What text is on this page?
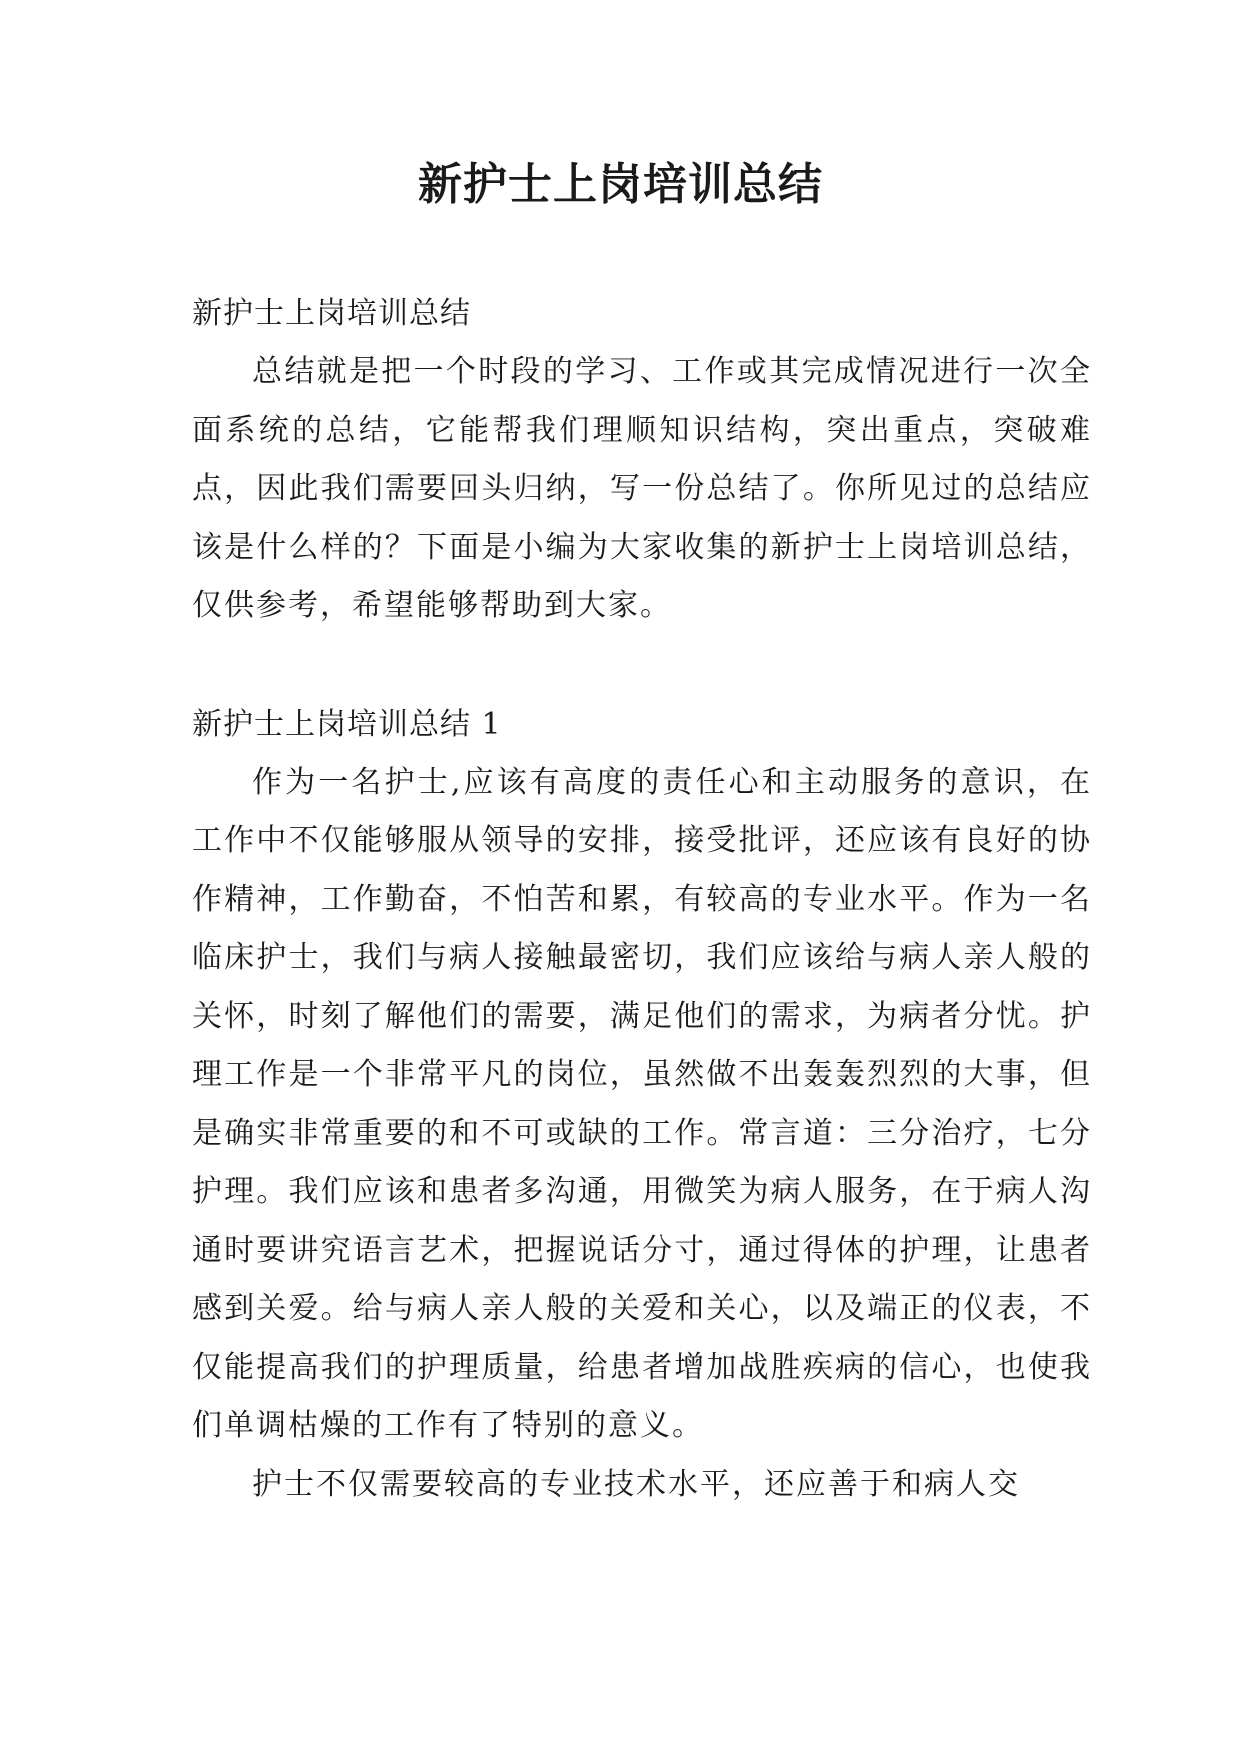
新护士上岗培训总结

新护士上岗培训总结

总结就是把一个时段的学习、工作或其完成情况进行一次全面系统的总结，它能帮我们理顺知识结构，突出重点，突破难点，因此我们需要回头归纳，写一份总结了。你所见过的总结应该是什么样的？下面是小编为大家收集的新护士上岗培训总结，仅供参考，希望能够帮助到大家。

新护士上岗培训总结 1

作为一名护士,应该有高度的责任心和主动服务的意识，在工作中不仅能够服从领导的安排，接受批评，还应该有良好的协作精神，工作勤奋，不怕苦和累，有较高的专业水平。作为一名临床护士，我们与病人接触最密切，我们应该给与病人亲人般的关怀，时刻了解他们的需要，满足他们的需求，为病者分忧。护理工作是一个非常平凡的岗位，虽然做不出轰轰烈烈的大事，但是确实非常重要的和不可或缺的工作。常言道：三分治疗，七分护理。我们应该和患者多沟通，用微笑为病人服务，在于病人沟通时要讲究语言艺术，把握说话分寸，通过得体的护理，让患者感到关爱。给与病人亲人般的关爱和关心，以及端正的仪表，不仅能提高我们的护理质量，给患者增加战胜疾病的信心，也使我们单调枯燥的工作有了特别的意义。

护士不仅需要较高的专业技术水平，还应善于和病人交
